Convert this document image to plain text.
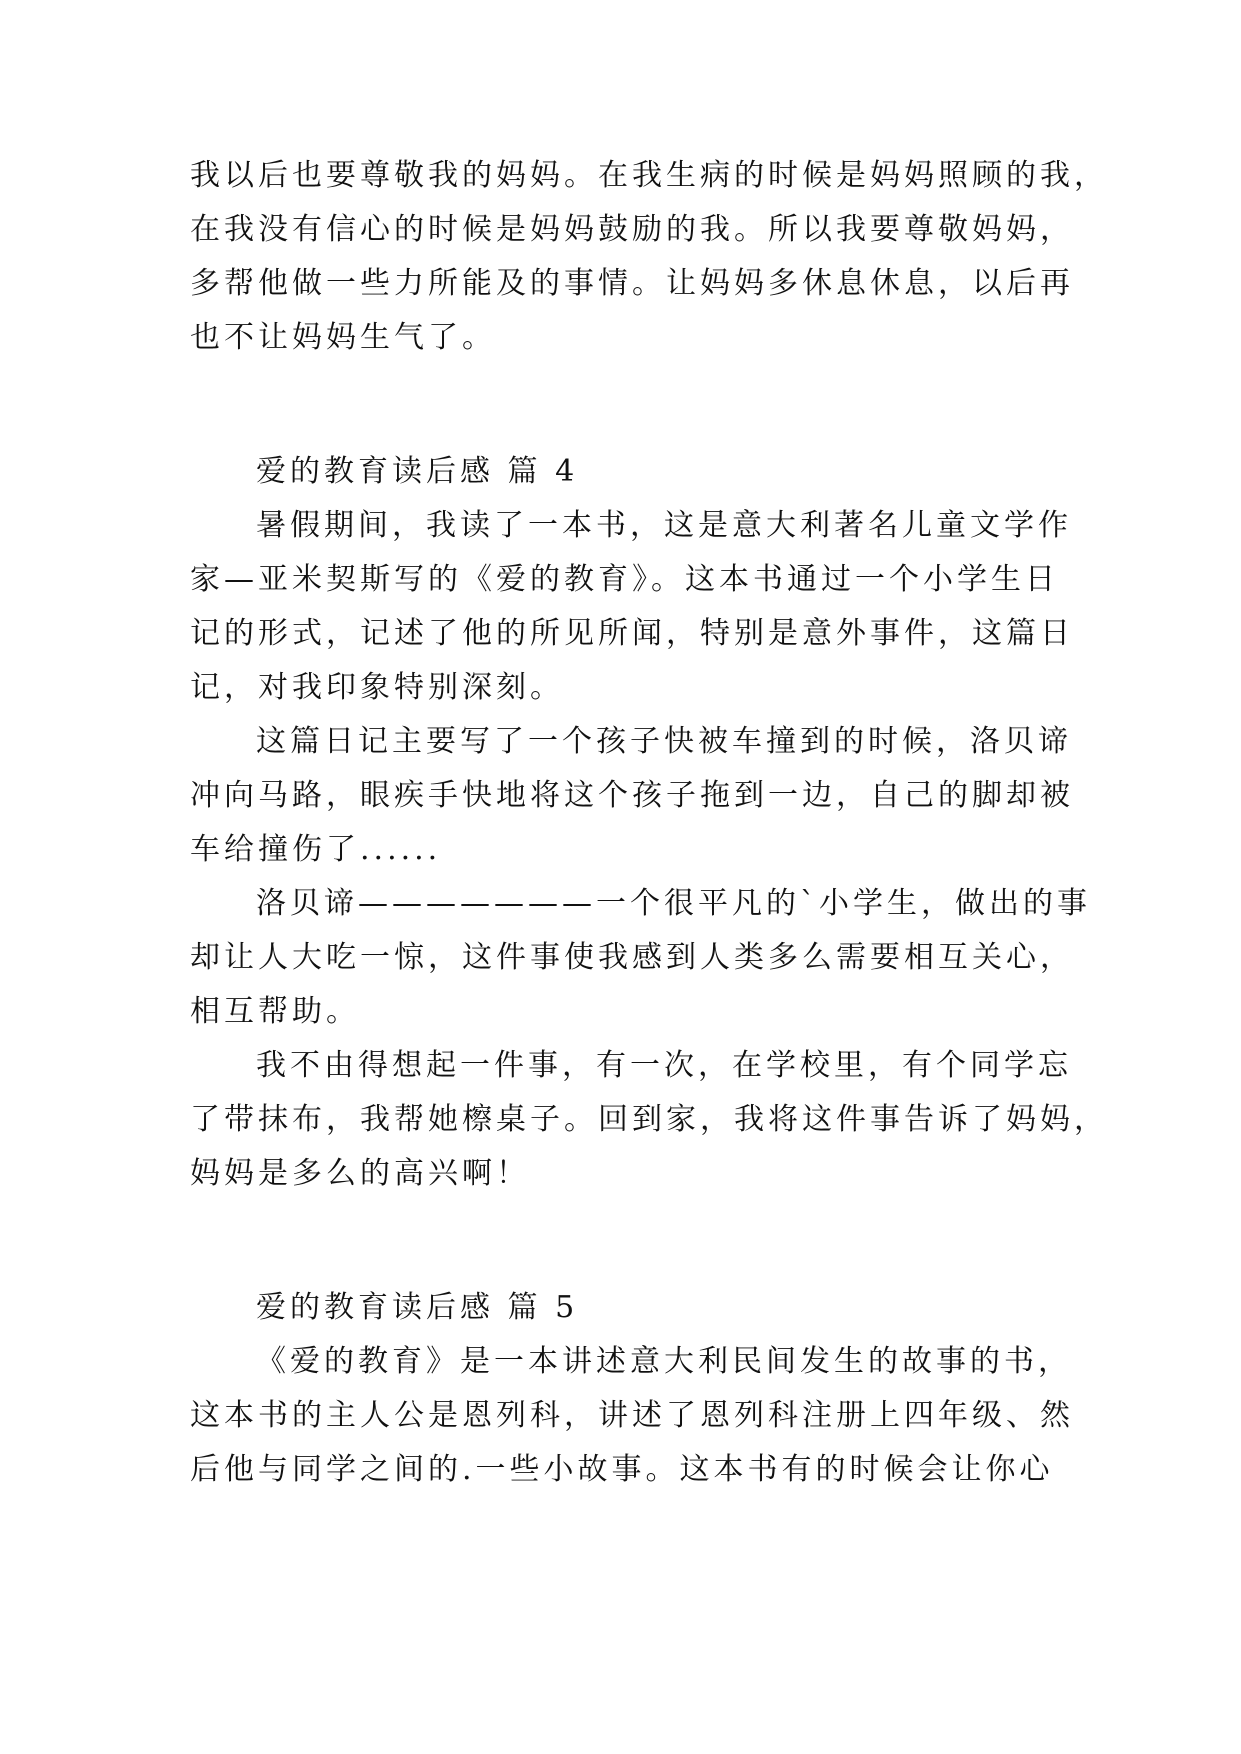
我以后也要尊敬我的妈妈。在我生病的时候是妈妈照顾的我，
在我没有信心的时候是妈妈鼓励的我。所以我要尊敬妈妈，
多帮他做一些力所能及的事情。让妈妈多休息休息，以后再
也不让妈妈生气了。
爱的教育读后感 篇 4
暑假期间，我读了一本书，这是意大利著名儿童文学作
家—亚米契斯写的《爱的教育》。这本书通过一个小学生日
记的形式，记述了他的所见所闻，特别是意外事件，这篇日
记，对我印象特别深刻。
这篇日记主要写了一个孩子快被车撞到的时候，洛贝谛
冲向马路，眼疾手快地将这个孩子拖到一边，自己的脚却被
车给撞伤了......
洛贝谛———————一个很平凡的`小学生，做出的事
却让人大吃一惊，这件事使我感到人类多么需要相互关心，
相互帮助。
我不由得想起一件事，有一次，在学校里，有个同学忘
了带抹布，我帮她檫桌子。回到家，我将这件事告诉了妈妈，
妈妈是多么的高兴啊！
爱的教育读后感 篇 5
《爱的教育》是一本讲述意大利民间发生的故事的书，
这本书的主人公是恩列科，讲述了恩列科注册上四年级、然
后他与同学之间的.一些小故事。这本书有的时候会让你心
